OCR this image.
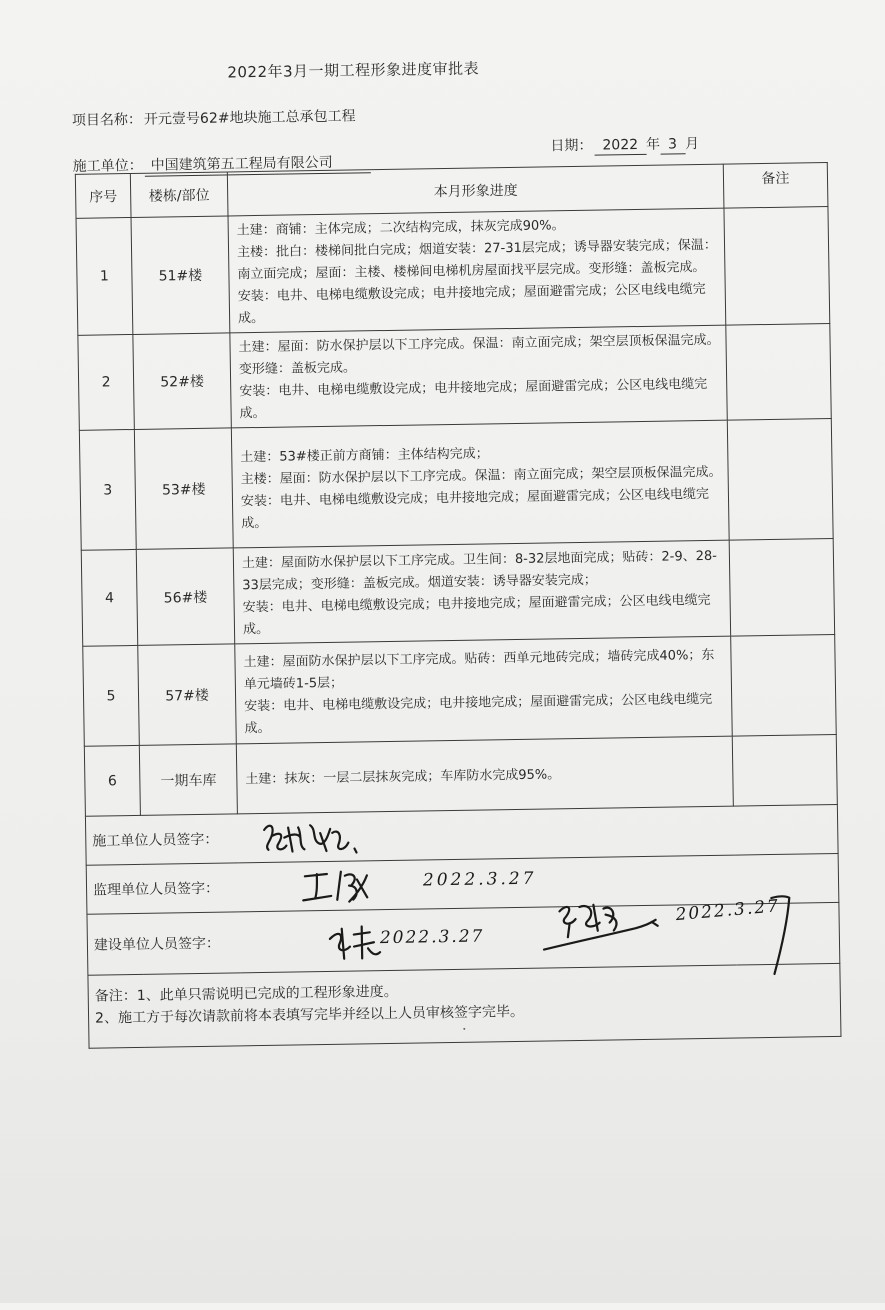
2022年3月一期工程形象进度审批表
项目名称： 开元壹号62#地块施工总承包工程
施工单位： 中国建筑第五工程局有限公司
日期： 2022 年 3 月
序号	楼栋/部位	本月形象进度	备注
1	51#楼	土建：商铺：主体完成；二次结构完成，抹灰完成90%。
主楼：批白：楼梯间批白完成；烟道安装：27-31层完成；诱导器安装完成；保温：南立面完成；屋面：主楼、楼梯间电梯机房屋面找平层完成。变形缝：盖板完成。
安装：电井、电梯电缆敷设完成；电井接地完成；屋面避雷完成；公区电线电缆完成。	

2	52#楼	土建：屋面：防水保护层以下工序完成。保温：南立面完成；架空层顶板保温完成。变形缝：盖板完成。
安装：电井、电梯电缆敷设完成；电井接地完成；屋面避雷完成；公区电线电缆完成。	

3	53#楼	土建：53#楼正前方商铺：主体结构完成；
主楼：屋面：防水保护层以下工序完成。保温：南立面完成；架空层顶板保温完成。
安装：电井、电梯电缆敷设完成；电井接地完成；屋面避雷完成；公区电线电缆完成。	

4	56#楼	土建：屋面防水保护层以下工序完成。卫生间：8-32层地面完成；贴砖：2-9、28-33层完成；变形缝：盖板完成。烟道安装：诱导器安装完成；
安装：电井、电梯电缆敷设完成；电井接地完成；屋面避雷完成；公区电线电缆完成。	

5	57#楼	土建：屋面防水保护层以下工序完成。贴砖：西单元地砖完成；墙砖完成40%；东单元墙砖1-5层；
安装：电井、电梯电缆敷设完成；电井接地完成；屋面避雷完成；公区电线电缆完成。	

6	一期车库	土建：抹灰：一层二层抹灰完成；车库防水完成95%。	

施工单位人员签字：			

监理单位人员签字： 2022.3.27			

建设单位人员签字： 2022.3.27
2022.3.27			

备注：1、此单只需说明已完成的工程形象进度。
2、施工方于每次请款前将本表填写完毕并经以上人员审核签字完毕。			
